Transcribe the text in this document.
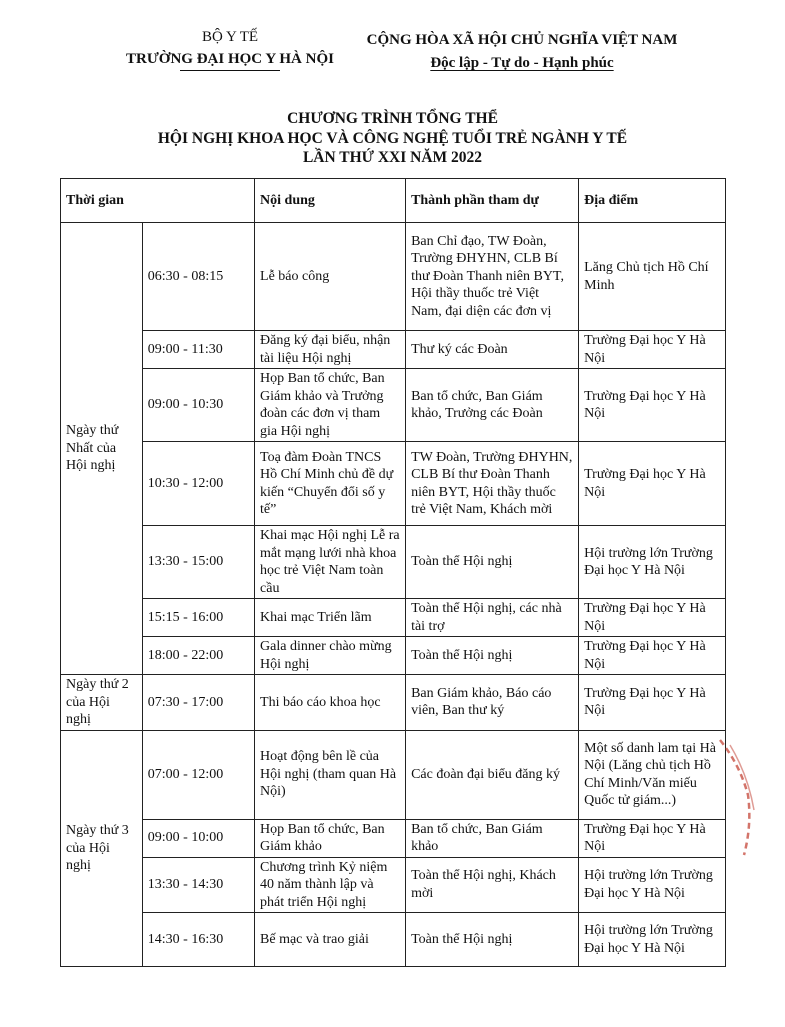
BỘ Y TẾ
TRƯỜNG ĐẠI HỌC Y HÀ NỘI
CỘNG HÒA XÃ HỘI CHỦ NGHĨA VIỆT NAM
Độc lập - Tự do - Hạnh phúc
CHƯƠNG TRÌNH TỔNG THỂ
HỘI NGHỊ KHOA HỌC VÀ CÔNG NGHỆ TUỔI TRẺ NGÀNH Y TẾ
LẦN THỨ XXI NĂM 2022
Thời gian		Nội dung	Thành phần tham dự	Địa điểm
Ngày thứ Nhất của Hội nghị	06:30 - 08:15	Lễ báo công	Ban Chỉ đạo, TW Đoàn, Trường ĐHYHN, CLB Bí thư Đoàn Thanh niên BYT, Hội thầy thuốc trẻ Việt Nam, đại diện các đơn vị	Lăng Chủ tịch Hồ Chí Minh
	09:00 - 11:30	Đăng ký đại biểu, nhận tài liệu Hội nghị	Thư ký các Đoàn	Trường Đại học Y Hà Nội
	09:00 - 10:30	Họp Ban tổ chức, Ban Giám khảo và Trưởng đoàn các đơn vị tham gia Hội nghị	Ban tổ chức, Ban Giám khảo, Trưởng các Đoàn	Trường Đại học Y Hà Nội
	10:30 - 12:00	Toạ đàm Đoàn TNCS Hồ Chí Minh chủ đề dự kiến “Chuyển đổi số y tế”	TW Đoàn, Trường ĐHYHN, CLB Bí thư Đoàn Thanh niên BYT, Hội thầy thuốc trẻ Việt Nam, Khách mời	Trường Đại học Y Hà Nội
	13:30 - 15:00	Khai mạc Hội nghị Lễ ra mắt mạng lưới nhà khoa học trẻ Việt Nam toàn cầu	Toàn thể Hội nghị	Hội trường lớn Trường Đại học Y Hà Nội
	15:15 - 16:00	Khai mạc Triển lãm	Toàn thể Hội nghị, các nhà tài trợ	Trường Đại học Y Hà Nội
	18:00 - 22:00	Gala dinner chào mừng Hội nghị	Toàn thể Hội nghị	Trường Đại học Y Hà Nội
Ngày thứ 2 của Hội nghị	07:30 - 17:00	Thi báo cáo khoa học	Ban Giám khảo, Báo cáo viên, Ban thư ký	Trường Đại học Y Hà Nội
Ngày thứ 3 của Hội nghị	07:00 - 12:00	Hoạt động bên lề của Hội nghị (tham quan Hà Nội)	Các đoàn đại biểu đăng ký	Một số danh lam tại Hà Nội (Lăng chủ tịch Hồ Chí Minh/Văn miếu Quốc tử giám...)
	09:00 - 10:00	Họp Ban tổ chức, Ban Giám khảo	Ban tổ chức, Ban Giám khảo	Trường Đại học Y Hà Nội
	13:30 - 14:30	Chương trình Kỷ niệm 40 năm thành lập và phát triển Hội nghị	Toàn thể Hội nghị, Khách mời	Hội trường lớn Trường Đại học Y Hà Nội
	14:30 - 16:30	Bế mạc và trao giải	Toàn thể Hội nghị	Hội trường lớn Trường Đại học Y Hà Nội
